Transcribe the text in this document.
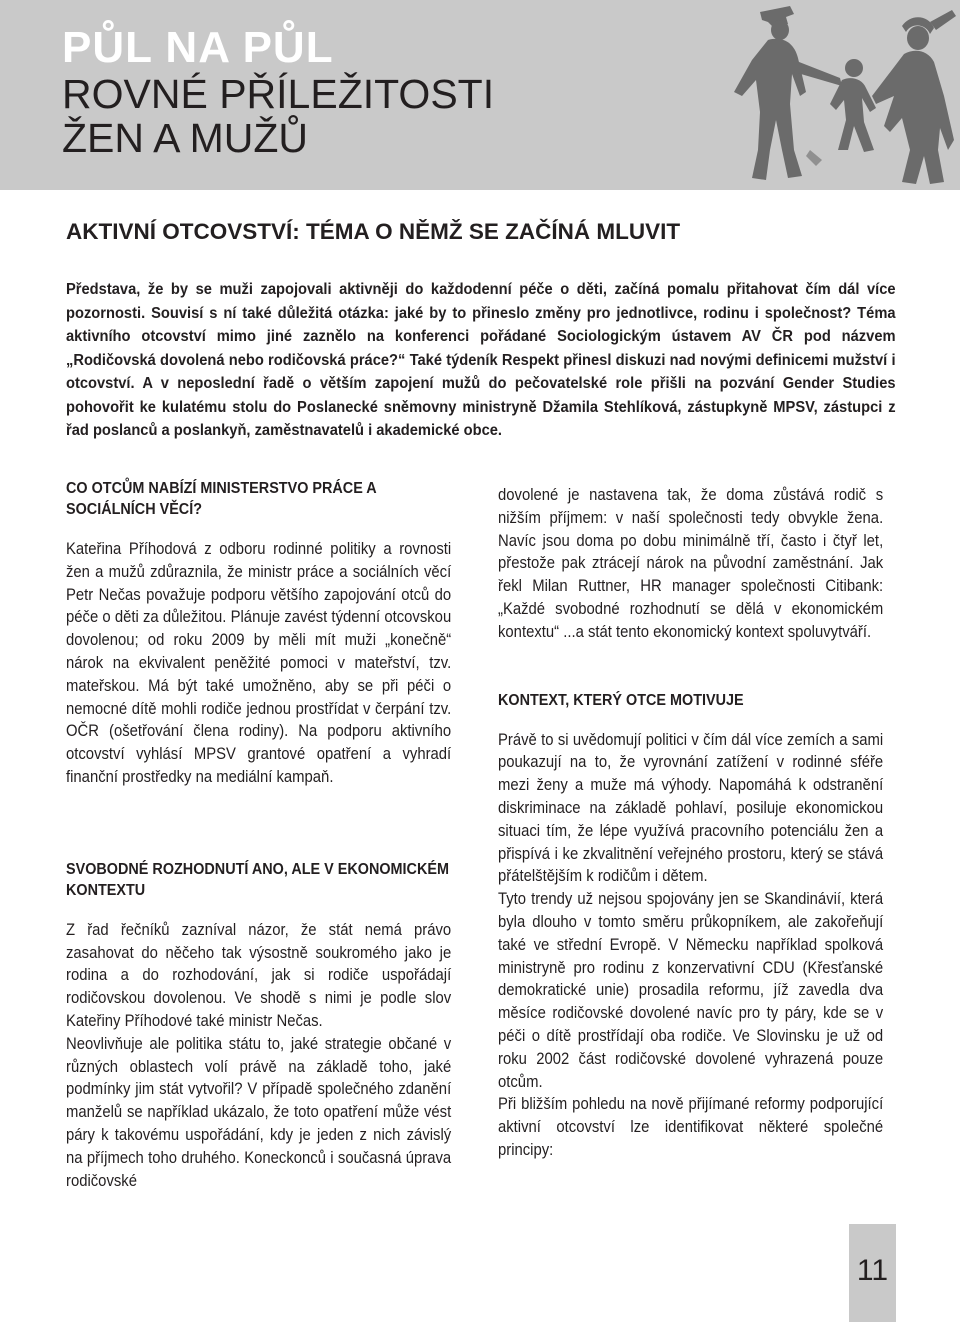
PŮL NA PŮL
ROVNÉ PŘÍLEŽITOSTI
ŽEN A MUŽŮ
AKTIVNÍ OTCOVSTVÍ: TÉMA O NĚMŽ SE ZAČÍNÁ MLUVIT

Představa, že by se muži zapojovali aktivněji do každodenní péče o děti, začíná pomalu přitahovat čím dál více pozornosti. Souvisí s ní také důležitá otázka: jaké by to přineslo změny pro jednotlivce, rodinu i společnost? Téma aktivního otcovství mimo jiné zaznělo na konferenci pořádané Sociologickým ústavem AV ČR pod názvem „Rodičovská dovolená nebo rodičovská práce?“ Také týdeník Respekt přinesl diskuzi nad novými definicemi mužství i otcovství. A v neposlední řadě o větším zapojení mužů do pečovatelské role přišli na pozvání Gender Studies pohovořit ke kulatému stolu do Poslanecké sněmovny ministryně Džamila Stehlíková, zástupkyně MPSV, zástupci z řad poslanců a poslankyň, zaměstnavatelů i akademické obce.

CO OTCŮM NABÍZÍ MINISTERSTVO PRÁCE A SOCIÁLNÍCH VĚCÍ?

Kateřina Příhodová z odboru rodinné politiky a rovnosti žen a mužů zdůraznila, že ministr práce a sociálních věcí Petr Nečas považuje podporu většího zapojování otců do péče o děti za důležitou. Plánuje zavést týdenní otcovskou dovolenou; od roku 2009 by měli mít muži „konečně“ nárok na ekvivalent peněžité pomoci v mateřství, tzv. mateřskou. Má být také umožněno, aby se při péči o nemocné dítě mohli rodiče jednou prostřídat v čerpání tzv. OČR (ošetřování člena rodiny). Na podporu aktivního otcovství vyhlásí MPSV grantové opatření a vyhradí finanční prostředky na mediální kampaň.

SVOBODNÉ ROZHODNUTÍ ANO, ALE V EKONOMICKÉM KONTEXTU

Z řad řečníků zazníval názor, že stát nemá právo zasahovat do něčeho tak výsostně soukromého jako je rodina a do rozhodování, jak si rodiče uspořádají rodičovskou dovolenou. Ve shodě s nimi je podle slov Kateřiny Příhodové také ministr Nečas.

Neovlivňuje ale politika státu to, jaké strategie občané v různých oblastech volí právě na základě toho, jaké podmínky jim stát vytvořil? V případě společného zdanění manželů se například ukázalo, že toto opatření může vést páry k takovému uspořádání, kdy je jeden z nich závislý na příjmech toho druhého. Koneckonců i současná úprava rodičovské

dovolené je nastavena tak, že doma zůstává rodič s nižším příjmem: v naší společnosti tedy obvykle žena. Navíc jsou doma po dobu minimálně tří, často i čtyř let, přestože pak ztrácejí nárok na původní zaměstnání. Jak řekl Milan Ruttner, HR manager společnosti Citibank: „Každé svobodné rozhodnutí se dělá v ekonomickém kontextu“ ...a stát tento ekonomický kontext spoluvytváří.

KONTEXT, KTERÝ OTCE MOTIVUJE

Právě to si uvědomují politici v čím dál více zemích a sami poukazují na to, že vyrovnání zatížení v rodinné sféře mezi ženy a muže má výhody. Napomáhá k odstranění diskriminace na základě pohlaví, posiluje ekonomickou situaci tím, že lépe využívá pracovního potenciálu žen a přispívá i ke zkvalitnění veřejného prostoru, který se stává přátelštějším k rodičům i dětem.

Tyto trendy už nejsou spojovány jen se Skandinávií, která byla dlouho v tomto směru průkopníkem, ale zakořeňují také ve střední Evropě. V Německu například spolková ministryně pro rodinu z konzervativní CDU (Křesťanské demokratické unie) prosadila reformu, jíž zavedla dva měsíce rodičovské dovolené navíc pro ty páry, kde se v péči o dítě prostřídají oba rodiče. Ve Slovinsku je už od roku 2002 část rodičovské dovolené vyhrazená pouze otcům.

Při bližším pohledu na nově přijímané reformy podporující aktivní otcovství lze identifikovat některé společné principy:

11
